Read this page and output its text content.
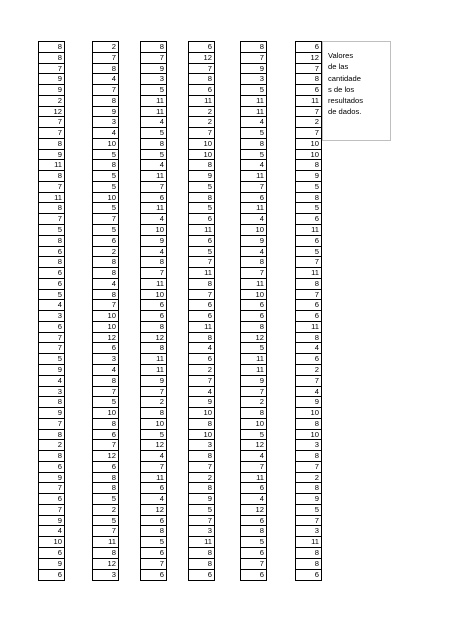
8
8
7
9
9
2
12
7
7
8
9
11
8
7
11
8
7
5
8
6
8
6
6
5
4
3
6
7
7
5
9
4
3
8
9
7
8
2
8
6
9
7
6
7
9
4
10
6
9
6
2
7
8
4
7
8
9
3
4
10
5
8
5
5
10
5
7
5
6
2
8
8
4
8
7
10
10
12
6
3
4
8
7
5
10
8
6
7
12
6
8
8
5
2
5
7
11
8
12
3
8
7
9
3
5
11
11
4
5
8
5
4
11
7
6
11
4
10
9
4
8
7
11
10
6
6
8
12
8
11
11
9
7
2
8
10
5
12
4
7
11
6
4
12
6
8
5
6
7
6
6
12
7
8
6
11
2
2
7
10
10
8
9
5
8
5
6
11
6
5
7
11
8
7
6
6
11
8
4
6
2
7
4
9
10
8
10
3
8
7
2
8
9
5
7
3
11
8
8
6
8
7
9
3
5
11
11
4
5
8
5
4
11
7
6
11
4
10
9
4
8
7
11
10
6
6
8
12
5
11
11
9
7
2
8
10
5
12
4
7
11
6
4
12
6
8
5
6
7
6
6
12
7
8
6
11
7
2
7
10
10
8
9
5
8
5
6
11
6
5
7
11
8
7
6
6
11
8
4
6
2
7
4
9
10
8
10
3
8
7
2
8
9
5
7
3
11
8
8
6
Valores
de las
cantidade
s de los
resultados
de dados.
